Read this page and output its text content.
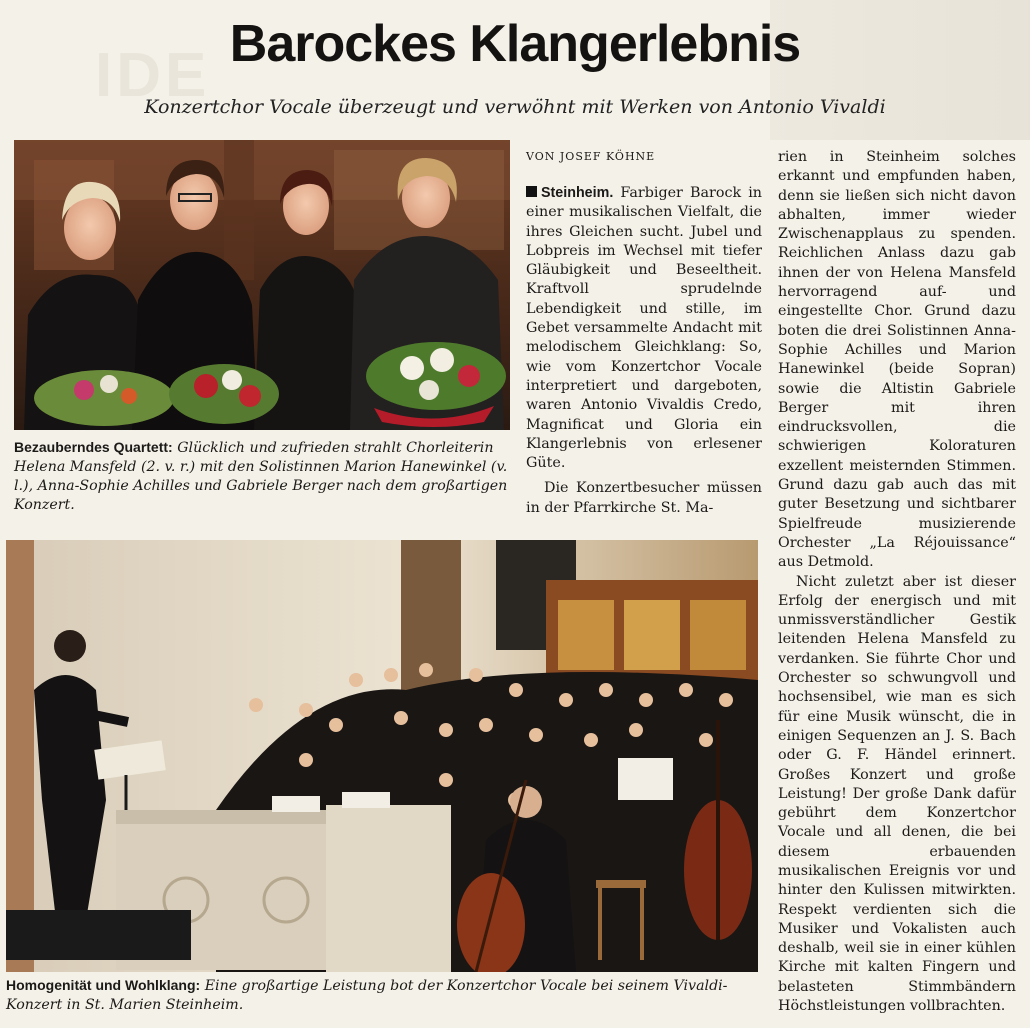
IDE Barockes Klangerlebnis
Konzertchor Vocale überzeugt und verwöhnt mit Werken von Antonio Vivaldi
Bezauberndes Quartett: Glücklich und zufrieden strahlt Chorleiterin Helena Mansfeld (2. v. r.) mit den Solistinnen Marion Hanewinkel (v. l.), Anna-Sophie Achilles und Gabriele Berger nach dem großartigen Konzert.
VON JOSEF KÖHNE

Steinheim. Farbiger Barock in einer musikalischen Vielfalt, die ihres Gleichen sucht. Jubel und Lobpreis im Wechsel mit tiefer Gläubigkeit und Beseeltheit. Kraftvoll sprudelnde Lebendigkeit und stille, im Gebet versammelte Andacht mit melodischem Gleichklang: So, wie vom Konzertchor Vocale interpretiert und dargeboten, waren Antonio Vivaldis Credo, Magnificat und Gloria ein Klangerlebnis von erlesener Güte.

Die Konzertbesucher müssen in der Pfarrkirche St. Ma-

rien in Steinheim solches erkannt und empfunden haben, denn sie ließen sich nicht davon abhalten, immer wieder Zwischenapplaus zu spenden. Reichlichen Anlass dazu gab ihnen der von Helena Mansfeld hervorragend auf- und eingestellte Chor. Grund dazu boten die drei Solistinnen Anna-Sophie Achilles und Marion Hanewinkel (beide Sopran) sowie die Altistin Gabriele Berger mit ihren eindrucksvollen, die schwierigen Koloraturen exzellent meisternden Stimmen. Grund dazu gab auch das mit guter Besetzung und sichtbarer Spielfreude musizierende Orchester „La Réjouissance“ aus Detmold.

Nicht zuletzt aber ist dieser Erfolg der energisch und mit unmissverständlicher Gestik leitenden Helena Mansfeld zu verdanken. Sie führte Chor und Orchester so schwungvoll und hochsensibel, wie man es sich für eine Musik wünscht, die in einigen Sequenzen an J. S. Bach oder G. F. Händel erinnert. Großes Konzert und große Leistung! Der große Dank dafür gebührt dem Konzertchor Vocale und all denen, die bei diesem erbauenden musikalischen Ereignis vor und hinter den Kulissen mitwirkten. Respekt verdienten sich die Musiker und Vokalisten auch deshalb, weil sie in einer kühlen Kirche mit kalten Fingern und belasteten Stimmbändern Höchstleistungen vollbrachten.

Homogenität und Wohlklang: Eine großartige Leistung bot der Konzertchor Vocale bei seinem Vivaldi-Konzert in St. Marien Steinheim.
